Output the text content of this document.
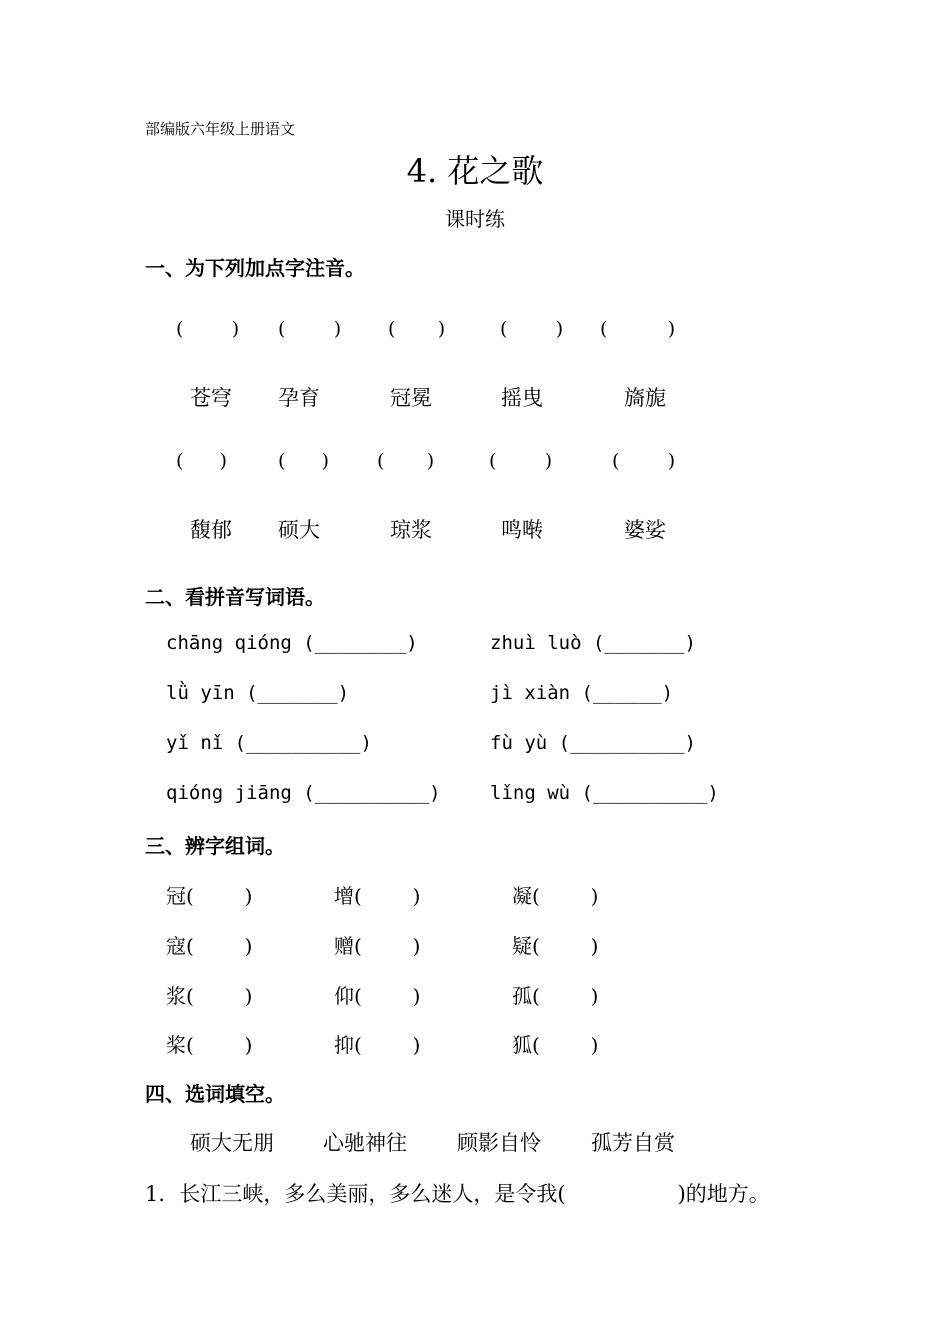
部编版六年级上册语文
4. 花之歌
课时练
一、为下列加点字注音。
(        ) (        ) (       )	(        ) (          )
苍穹 孕育	冠冕	摇曳	旖旎
(      )	(      )	(       )	(        )	(        )
馥郁 硕大	琼浆	鸣啭	婆娑
二、看拼音写词语。
chāng qióng (________)	zhuì luò (_______)
lǜ yīn (_______)	jì xiàn (______)
yǐ nǐ (__________)	fù yù (__________)
qióng jiāng (__________)	lǐng wù (__________)
三、辨字组词。
冠(        )	增(        )	凝(        )
寇(        )	赠(        )	疑(        )
浆(        )	仰(        )	孤(        )
桨(        )	抑(        )	狐(        )
四、选词填空。
硕大无朋 心驰神往 顾影自怜 孤芳自赏
1．长江三峡，多么美丽，多么迷人，是令我(	)的地方。
